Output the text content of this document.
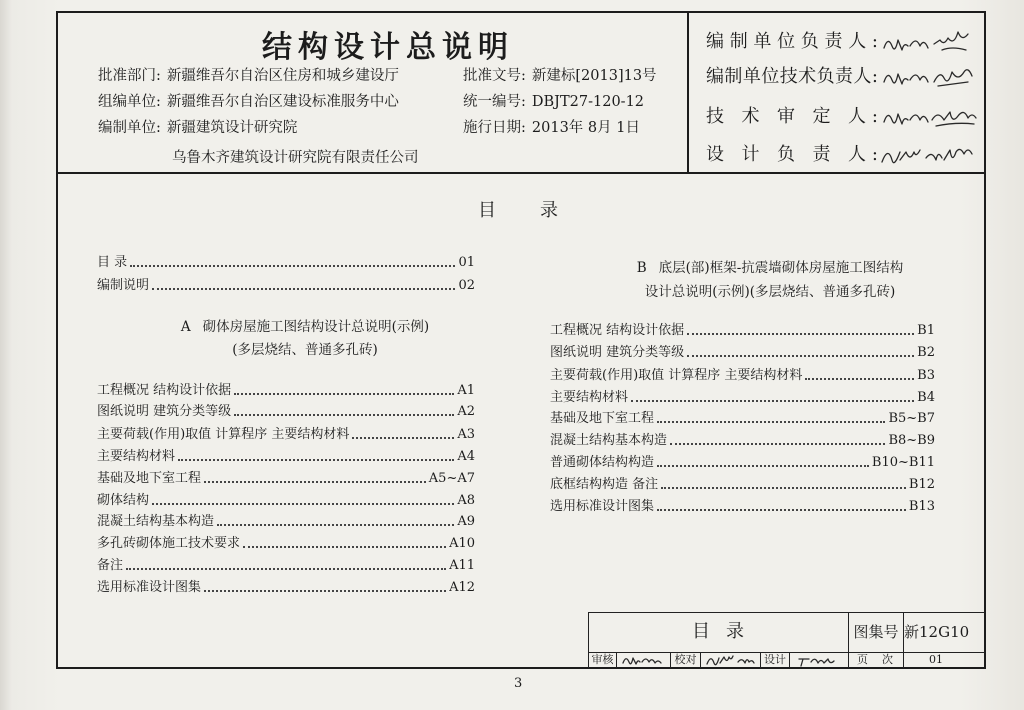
结构设计总说明
批准部门: 新疆维吾尔自治区住房和城乡建设厅
组编单位: 新疆维吾尔自治区建设标准服务中心
编制单位: 新疆建筑设计研究院
乌鲁木齐建筑设计研究院有限责任公司
批准文号: 新建标[2013]13号
统一编号: DBJT27-120-12
施行日期: 2013年 8月 1日
编制单位负责人:
编制单位技术负责人:
技 术 审 定 人:
设 计 负 责 人:
目 录
目 录	01
编制说明	02
A 砌体房屋施工图结构设计总说明(示例)
(多层烧结、普通多孔砖)
工程概况 结构设计依据	A1
图纸说明 建筑分类等级	A2
主要荷载(作用)取值 计算程序 主要结构材料	A3
主要结构材料	A4
基础及地下室工程	A5~A7
砌体结构	A8
混凝土结构基本构造	A9
多孔砖砌体施工技术要求	A10
备注	A11
选用标准设计图集	A12
B 底层(部)框架-抗震墙砌体房屋施工图结构
设计总说明(示例)(多层烧结、普通多孔砖)
工程概况 结构设计依据	B1
图纸说明 建筑分类等级	B2
主要荷载(作用)取值 计算程序 主要结构材料	B3
主要结构材料	B4
基础及地下室工程	B5~B7
混凝土结构基本构造	B8~B9
普通砌体结构构造	B10~B11
底框结构构造 备注	B12
选用标准设计图集	B13
目 录	图集号 新12G10
审核	校对	设计	页 次	01
3
